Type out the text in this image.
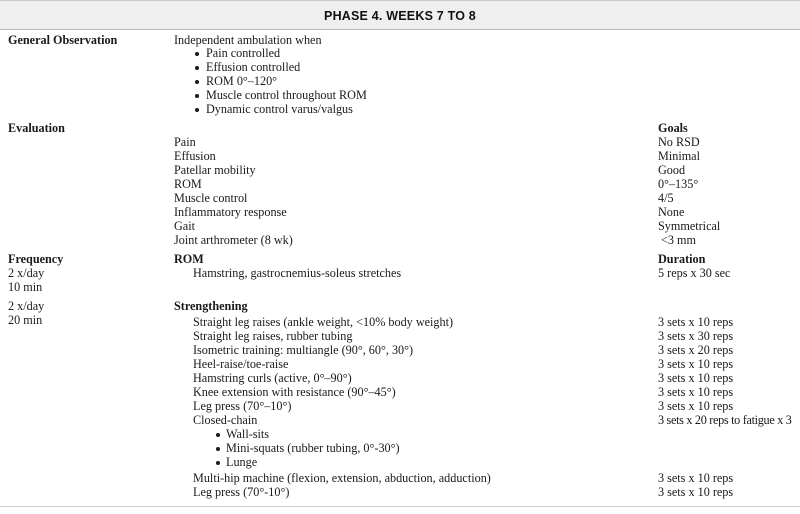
PHASE 4. WEEKS 7 TO 8
General Observation	Independent ambulation when
Pain controlled
Effusion controlled
ROM 0°–120°
Muscle control throughout ROM
Dynamic control varus/valgus
Evaluation	Goals
Pain	No RSD
Effusion	Minimal
Patellar mobility	Good
ROM	0°–135°
Muscle control	4/5
Inflammatory response	None
Gait	Symmetrical
Joint arthrometer (8 wk)	<3 mm
Frequency	ROM	Duration
2 x/day	Hamstring, gastrocnemius-soleus stretches	5 reps x 30 sec
10 min
2 x/day	Strengthening
20 min	Straight leg raises (ankle weight, <10% body weight)	3 sets x 10 reps
Straight leg raises, rubber tubing	3 sets x 30 reps
Isometric training: multiangle (90°, 60°, 30°)	3 sets x 20 reps
Heel-raise/toe-raise	3 sets x 10 reps
Hamstring curls (active, 0°–90°)	3 sets x 10 reps
Knee extension with resistance (90°–45°)	3 sets x 10 reps
Leg press (70°–10°)	3 sets x 10 reps
Closed-chain	3 sets x 20 reps to fatigue x 3
Wall-sits
Mini-squats (rubber tubing, 0°-30°)
Lunge
Multi-hip machine (flexion, extension, abduction, adduction)	3 sets x 10 reps
Leg press (70°-10°)	3 sets x 10 reps
